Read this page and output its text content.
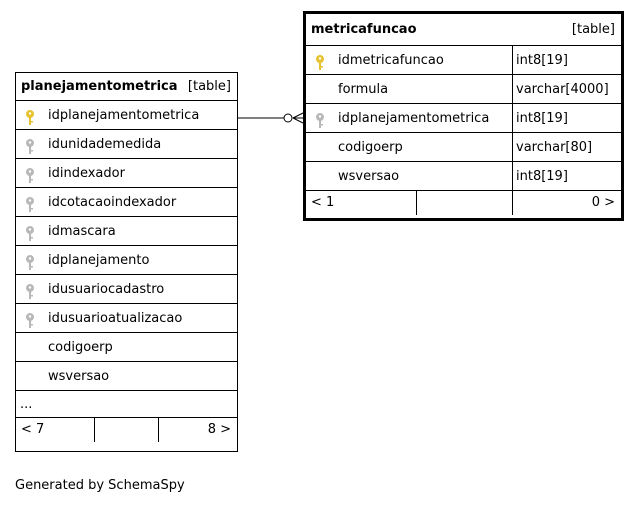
planejamentometrica [table]
idplanejamentometrica
idunidademedida
idindexador
idcotacaoindexador
idmascara
idplanejamento
idusuariocadastro
idusuarioatualizacao
codigoerp
wsversao
...
< 7	8 >
metricafuncao	[table]
idmetricafuncao	int8[19]
formula	varchar[4000]
idplanejamentometrica	int8[19]
codigoerp	varchar[80]
wsversao	int8[19]
< 1	0 >
Generated by SchemaSpy
